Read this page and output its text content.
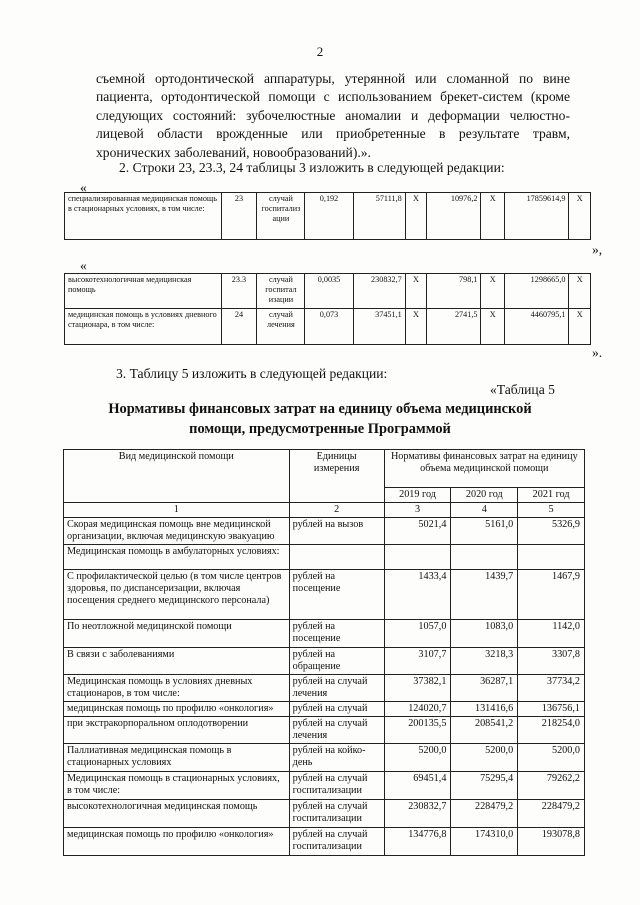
2

съемной ортодонтической аппаратуры, утерянной или сломанной по вине пациента, ортодонтической помощи с использованием брекет-систем (кроме следующих состояний: зубочелюстные аномалии и деформации челюстно-лицевой области врожденные или приобретенные в результате травм, хронических заболеваний, новообразований).».

2. Строки 23, 23.3, 24 таблицы 3 изложить в следующей редакции:
«
специализированная медицинская помощь в стационарных условиях, в том числе:	23	случай госпитализ ации	0,192	57111,8	X	10976,2	X	17859614,9	X
»,
«
высокотехнологичная медицинская помощь	23.3	случай госпитал изации	0,0035	230832,7	X	798,1	X	1298665,0	X
медицинская помощь в условиях дневного стационара, в том числе:	24	случай лечения	0,073	37451,1	X	2741,5	X	4460795,1	X
».
3. Таблицу 5 изложить в следующей редакции:
«Таблица 5
Нормативы финансовых затрат на единицу объема медицинской
помощи, предусмотренные Программой
Вид медицинской помощи	Единицы измерения	Нормативы финансовых затрат на единицу объема медицинской помощи		
		2019 год	2020 год	2021 год
1	2	3	4	5
Скорая медицинская помощь вне медицинской организации, включая медицинскую эвакуацию	рублей на вызов	5021,4	5161,0	5326,9
Медицинская помощь в амбулаторных условиях:				
С профилактической целью (в том числе центров здоровья, по диспансеризации, включая посещения среднего медицинского персонала)	рублей на посещение	1433,4	1439,7	1467,9
По неотложной медицинской помощи	рублей на посещение	1057,0	1083,0	1142,0
В связи с заболеваниями	рублей на обращение	3107,7	3218,3	3307,8
Медицинская помощь в условиях дневных стационаров, в том числе:	рублей на случай лечения	37382,1	36287,1	37734,2
медицинская помощь по профилю «онкология»	рублей на случай	124020,7	131416,6	136756,1
при экстракорпоральном оплодотворении	рублей на случай лечения	200135,5	208541,2	218254,0
Паллиативная медицинская помощь в стационарных условиях	рублей на койко-день	5200,0	5200,0	5200,0
Медицинская помощь в стационарных условиях, в том числе:	рублей на случай госпитализации	69451,4	75295,4	79262,2
высокотехнологичная медицинская помощь	рублей на случай госпитализации	230832,7	228479,2	228479,2
медицинская помощь по профилю «онкология»	рублей на случай госпитализации	134776,8	174310,0	193078,8
